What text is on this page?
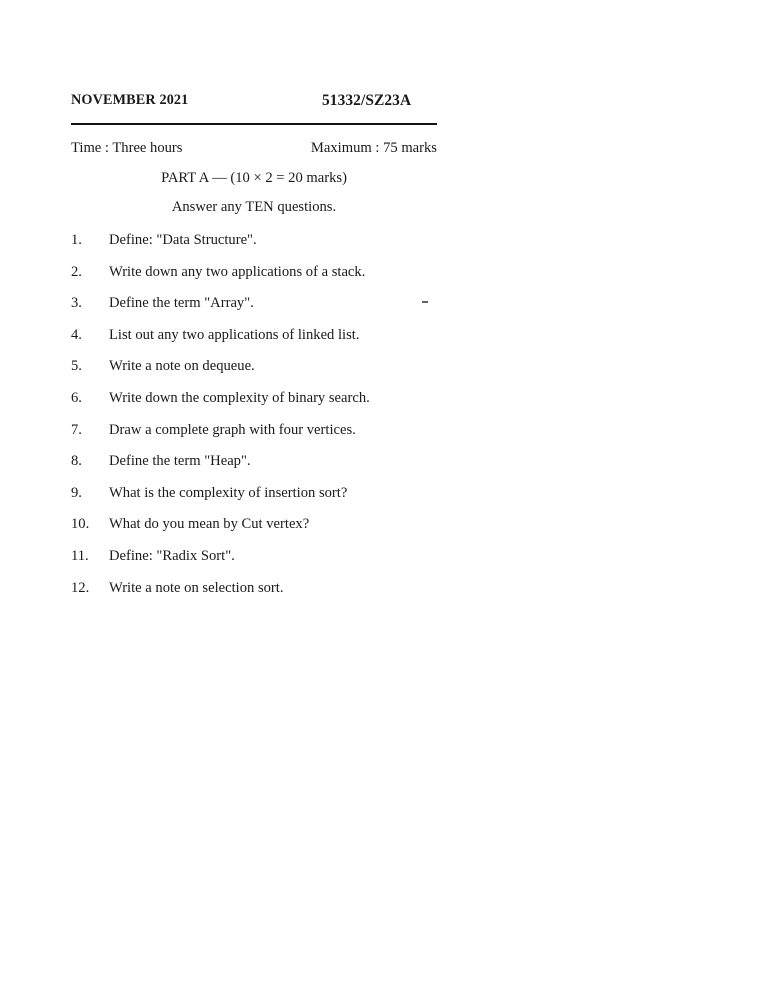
NOVEMBER 2021	51332/SZ23A
Time : Three hours	Maximum : 75 marks
PART A — (10 × 2 = 20 marks)
Answer any TEN questions.
1. Define: "Data Structure".
2. Write down any two applications of a stack.
3. Define the term "Array".
4. List out any two applications of linked list.
5. Write a note on dequeue.
6. Write down the complexity of binary search.
7. Draw a complete graph with four vertices.
8. Define the term "Heap".
9. What is the complexity of insertion sort?
10. What do you mean by Cut vertex?
11. Define: "Radix Sort".
12. Write a note on selection sort.
